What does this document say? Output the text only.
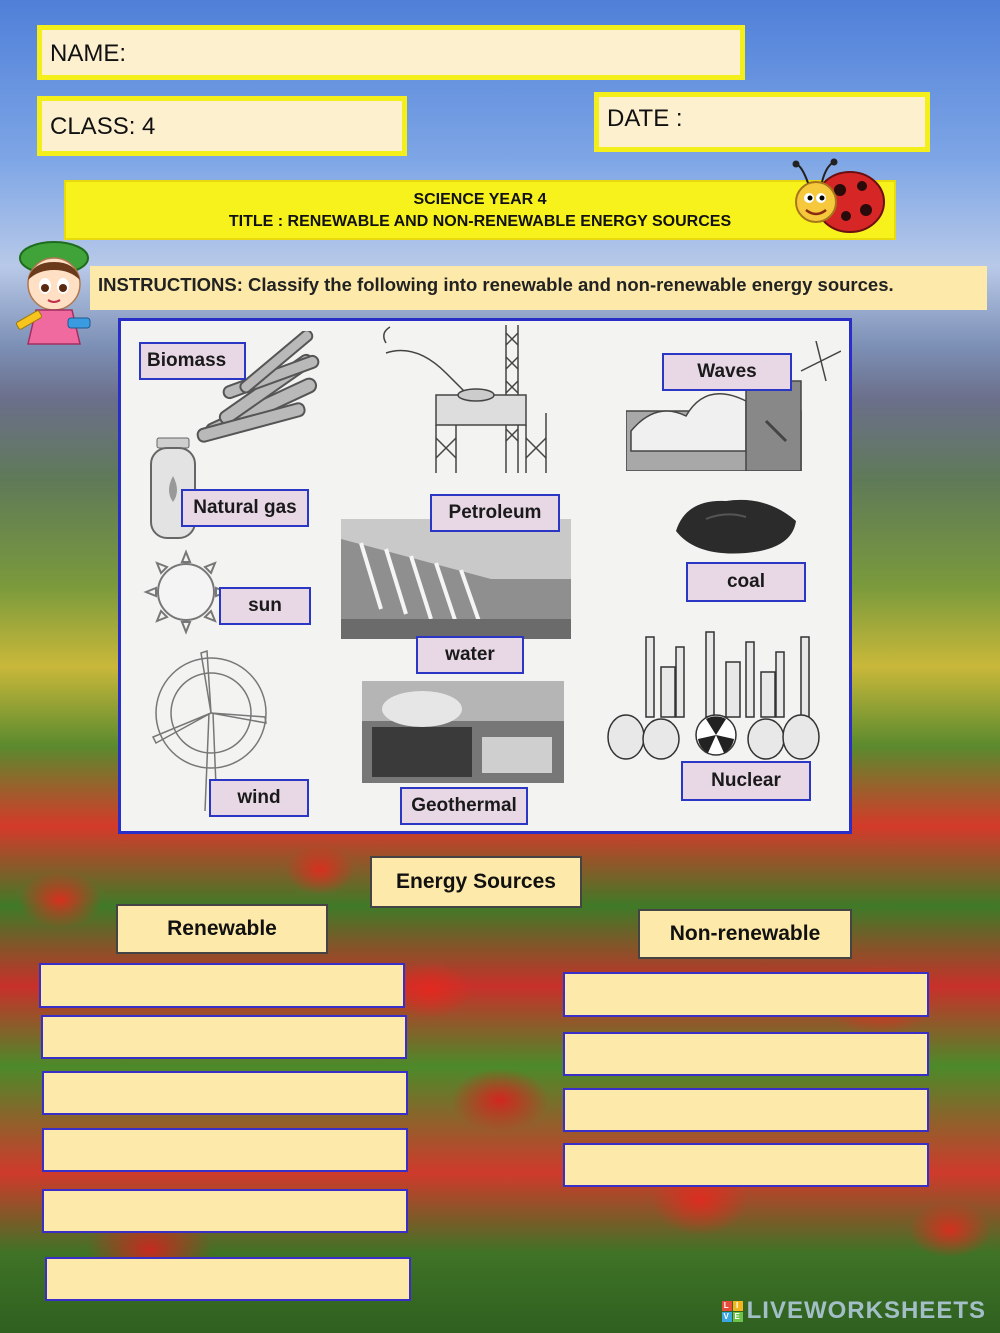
NAME:
CLASS: 4	DATE :
SCIENCE YEAR 4
TITLE : RENEWABLE AND NON-RENEWABLE ENERGY SOURCES
INSTRUCTIONS: Classify the following into renewable and non-renewable energy sources.
Biomass
Natural gas
sun
wind
Petroleum
water
Geothermal
Waves
coal
Nuclear
Energy Sources
Renewable	Non-renewable
L I
V E LIVEWORKSHEETS
